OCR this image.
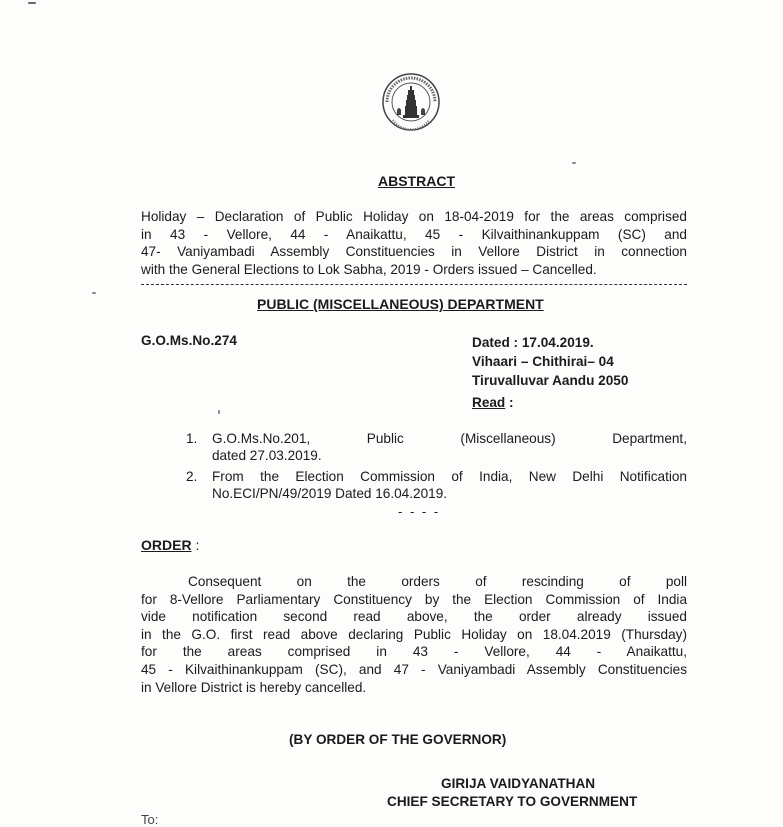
ABSTRACT
Holiday – Declaration of Public Holiday on 18-04-2019 for the areas comprised
in 43 - Vellore, 44 - Anaikattu, 45 - Kilvaithinankuppam (SC) and
47- Vaniyambadi Assembly Constituencies in Vellore District in connection
with the General Elections to Lok Sabha, 2019 - Orders issued – Cancelled.
PUBLIC (MISCELLANEOUS) DEPARTMENT
G.O.Ms.No.274	Dated : 17.04.2019.
Vihaari – Chithirai– 04
Tiruvalluvar Aandu 2050
Read :
1. G.O.Ms.No.201, Public (Miscellaneous) Department,
dated 27.03.2019.
2. From the Election Commission of India, New Delhi Notification
No.ECI/PN/49/2019 Dated 16.04.2019.
- - - -
ORDER :
Consequent on the orders of rescinding of poll
for 8-Vellore Parliamentary Constituency by the Election Commission of India
vide notification second read above, the order already issued
in the G.O. first read above declaring Public Holiday on 18.04.2019 (Thursday)
for the areas comprised in 43 - Vellore, 44 - Anaikattu,
45 - Kilvaithinankuppam (SC), and 47 - Vaniyambadi Assembly Constituencies
in Vellore District is hereby cancelled.
(BY ORDER OF THE GOVERNOR)
GIRIJA VAIDYANATHAN
CHIEF SECRETARY TO GOVERNMENT
To:
